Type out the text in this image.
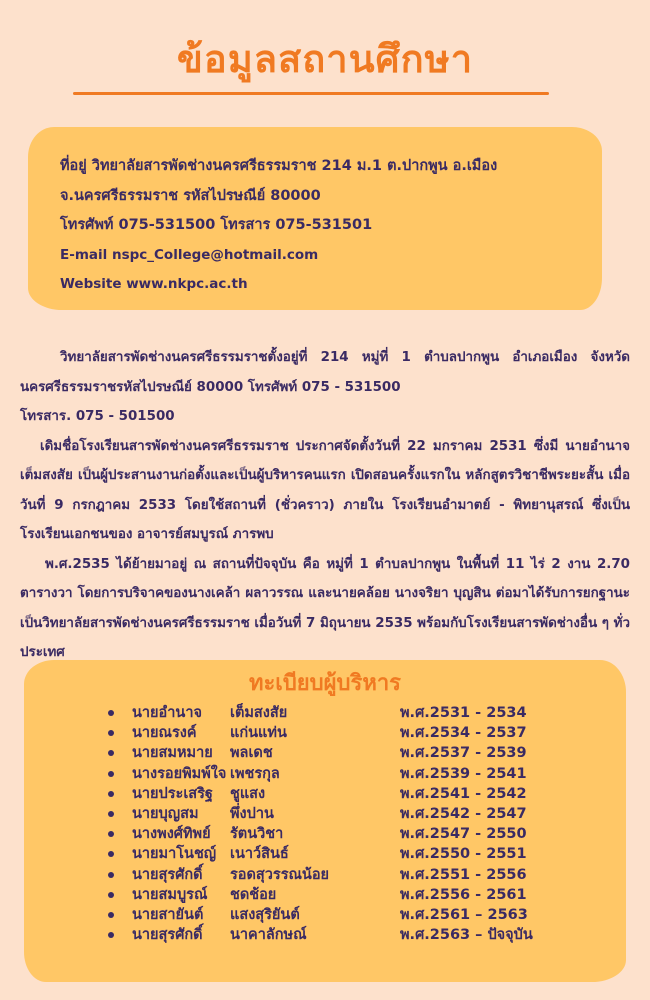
ข้อมูลสถานศึกษา
ที่อยู่ วิทยาลัยสารพัดช่างนครศรีธรรมราช 214 ม.1 ต.ปากพูน อ.เมือง
จ.นครศรีธรรมราช รหัสไปรษณีย์ 80000
โทรศัพท์ 075-531500 โทรสาร 075-531501
E-mail nspc_College@hotmail.com
Website www.nkpc.ac.th

วิทยาลัยสารพัดช่างนครศรีธรรมราชตั้งอยู่ที่ 214 หมู่ที่ 1 ตำบลปากพูน อำเภอเมือง จังหวัดนครศรีธรรมราชรหัสไปรษณีย์ 80000 โทรศัพท์ 075 - 531500

โทรสาร. 075 - 501500

เดิมชื่อโรงเรียนสารพัดช่างนครศรีธรรมราช ประกาศจัดตั้งวันที่ 22 มกราคม 2531 ซึ่งมี นายอำนาจ เต็มสงสัย เป็นผู้ประสานงานก่อตั้งและเป็นผู้บริหารคนแรก เปิดสอนครั้งแรกใน หลักสูตรวิชาชีพระยะสั้น เมื่อวันที่ 9 กรกฎาคม 2533 โดยใช้สถานที่ (ชั่วคราว) ภายใน โรงเรียนอำมาตย์ - พิทยานุสรณ์ ซึ่งเป็นโรงเรียนเอกชนของ อาจารย์สมบูรณ์ ภารพบ

พ.ศ.2535 ได้ย้ายมาอยู่ ณ สถานที่ปัจจุบัน คือ หมู่ที่ 1 ตำบลปากพูน ในพื้นที่ 11 ไร่ 2 งาน 2.70 ตารางวา โดยการบริจาคของนางเคล้า ผลาวรรณ และนายคล้อย นางจริยา บุญสิน ต่อมาได้รับการยกฐานะเป็นวิทยาลัยสารพัดช่างนครศรีธรรมราช เมื่อวันที่ 7 มิถุนายน 2535 พร้อมกับโรงเรียนสารพัดช่างอื่น ๆ ทั่วประเทศ

ทะเบียบผู้บริหาร
นายอำนาจ เต็มสงสัย	พ.ศ.2531 - 2534
นายณรงค์ แก่นแท่น	พ.ศ.2534 - 2537
นายสมหมาย พลเดช	พ.ศ.2537 - 2539
นางรอยพิมพ์ใจ เพชรกุล	พ.ศ.2539 - 2541
นายประเสริฐ ชูแสง	พ.ศ.2541 - 2542
นายบุญสม พึ่งปาน	พ.ศ.2542 - 2547
นางพงศ์ทิพย์ รัตนวิชา	พ.ศ.2547 - 2550
นายมาโนชญ์ เนาว์สินธ์	พ.ศ.2550 - 2551
นายสุรศักดิ์ รอดสุวรรณน้อย	พ.ศ.2551 - 2556
นายสมบูรณ์ ชดช้อย	พ.ศ.2556 - 2561
นายสายันต์ แสงสุริยันต์	พ.ศ.2561 – 2563
นายสุรศักดิ์ นาคาลักษณ์	พ.ศ.2563 – ปัจจุบัน
